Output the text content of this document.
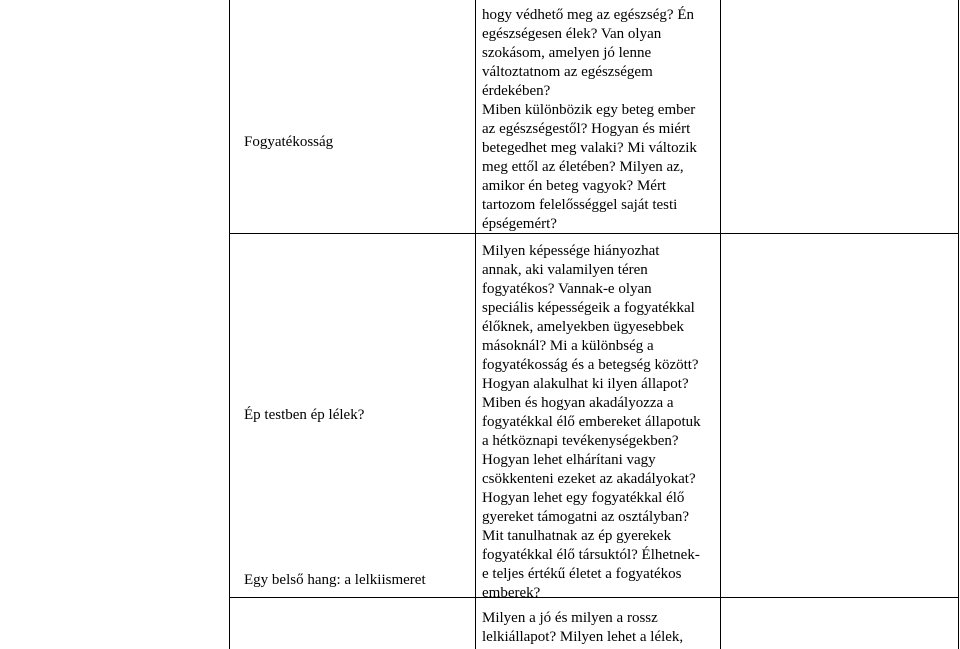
Fogyatékosság
hogy védhető meg az egészség? Én
egészségesen élek? Van olyan
szokásom, amelyen jó lenne
változtatnom az egészségem
érdekében?
Miben különbözik egy beteg ember
az egészségestől? Hogyan és miért
betegedhet meg valaki? Mi változik
meg ettől az életében? Milyen az,
amikor én beteg vagyok? Mért
tartozom felelősséggel saját testi
épségemért?
Ép testben ép lélek?
Milyen képessége hiányozhat
annak, aki valamilyen téren
fogyatékos? Vannak-e olyan
speciális képességeik a fogyatékkal
élőknek, amelyekben ügyesebbek
másoknál? Mi a különbség a
fogyatékosság és a betegség között?
Hogyan alakulhat ki ilyen állapot?
Miben és hogyan akadályozza a
fogyatékkal élő embereket állapotuk
a hétköznapi tevékenységekben?
Hogyan lehet elhárítani vagy
csökkenteni ezeket az akadályokat?
Hogyan lehet egy fogyatékkal élő
gyereket támogatni az osztályban?
Mit tanulhatnak az ép gyerekek
fogyatékkal élő társuktól? Élhetnek-
e teljes értékű életet a fogyatékos
emberek?
Egy belső hang: a lelkiismeret
Milyen a jó és milyen a rossz
lelkiállapot? Milyen lehet a lélek,
